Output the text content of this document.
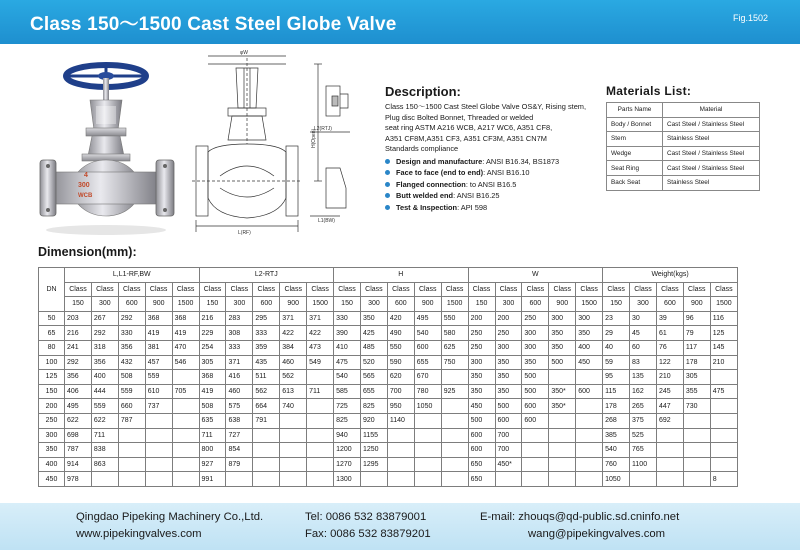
Class 150～1500 Cast Steel Globe Valve	Fig.1502
4
300
WCB
φW
H(Open)
L2(RTJ)
L1(BW)
L(RF)
Description:
Class 150～1500 Cast Steel Globe Valve OS&Y, Rising stem,
Plug disc Bolted Bonnet, Threaded or welded
seat ring ASTM A216 WCB, A217 WC6, A351 CF8,
A351 CF8M,A351 CF3, A351 CF3M, A351 CN7M
Standards compliance
Design and manufacture: ANSI B16.34, BS1873
Face to face (end to end): ANSI B16.10
Flanged connection: to ANSI B16.5
Butt welded end: ANSI B16.25
Test & Inspection: API 598
Materials List:
Parts Name	Material
Body / Bonnet	Cast Steel / Stainless Steel
Stem	Stainless Steel
Wedge	Cast Steel / Stainless Steel
Seat Ring	Cast Steel / Stainless Steel
Back Seat	Stainless Steel
Dimension(mm):
DN	L,L1-RF,BW					L2-RTJ					H					W					Weight(kgs)				
	Class	Class	Class	Class	Class	Class	Class	Class	Class	Class	Class	Class	Class	Class	Class	Class	Class	Class	Class	Class	Class	Class	Class	Class	Class
	150	300	600	900	1500	150	300	600	900	1500	150	300	600	900	1500	150	300	600	900	1500	150	300	600	900	1500
50	203	267	292	368	368	216	283	295	371	371	330	350	420	495	550	200	200	250	300	300	23	30	39	96	116
65	216	292	330	419	419	229	308	333	422	422	390	425	490	540	580	250	250	300	350	350	29	45	61	79	125
80	241	318	356	381	470	254	333	359	384	473	410	485	550	600	625	250	300	300	350	400	40	60	76	117	145
100	292	356	432	457	546	305	371	435	460	549	475	520	590	655	750	300	350	350	500	450	59	83	122	178	210
125	356	400	508	559		368	416	511	562		540	565	620	670		350	350	500			95	135	210	305	
150	406	444	559	610	705	419	460	562	613	711	585	655	700	780	925	350	350	500	350*	600	115	162	245	355	475
200	495	559	660	737		508	575	664	740		725	825	950	1050		450	500	600	350*		178	265	447	730	
250	622	622	787			635	638	791			825	920	1140			500	600	600			268	375	692		
300	698	711				711	727				940	1155				600	700				385	525			
350	787	838				800	854				1200	1250				600	700				540	765			
400	914	863				927	879				1270	1295				650	450*				760	1100			
450	978					991					1300					650					1050				8
Qingdao Pipeking Machinery Co.,Ltd.
www.pipekingvalves.com
Tel: 0086 532 83879001
Fax: 0086 532 83879201
E-mail: zhouqs@qd-public.sd.cninfo.net
wang@pipekingvalves.com
